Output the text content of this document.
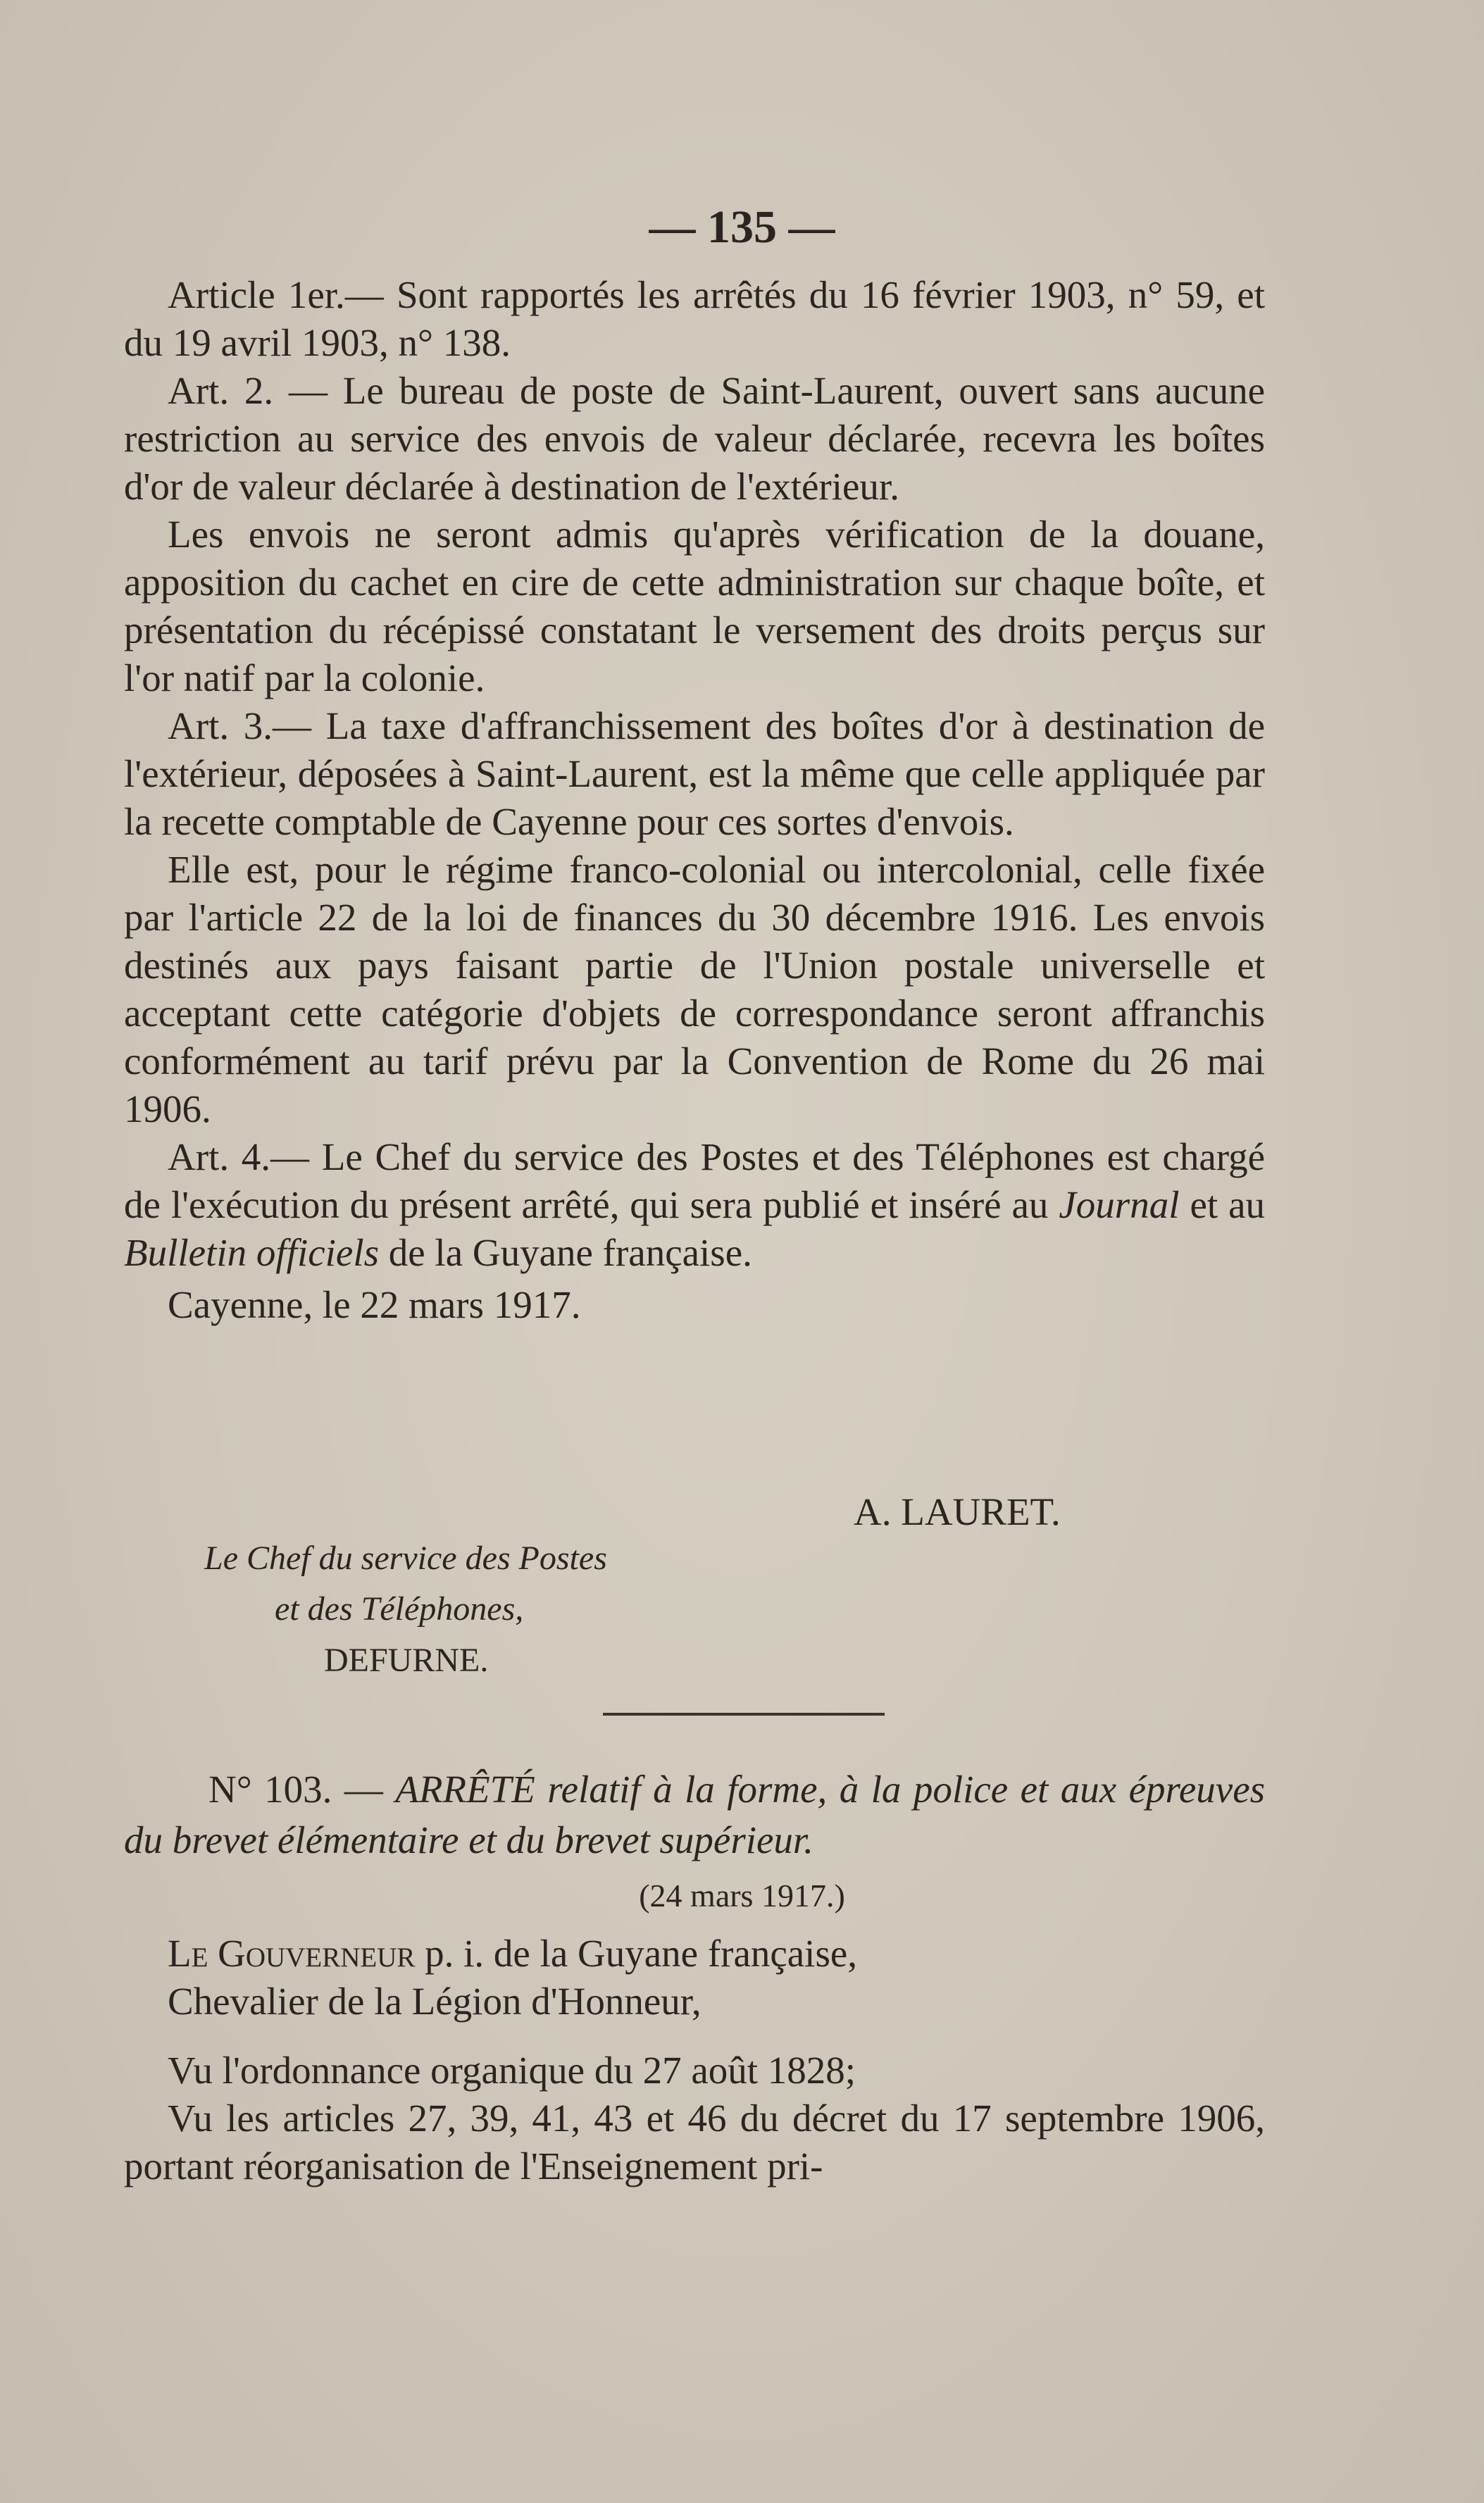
— 135 —

Article 1er.— Sont rapportés les arrêtés du 16 février 1903, n° 59, et du 19 avril 1903, n° 138.

Art. 2. — Le bureau de poste de Saint-Laurent, ouvert sans aucune restriction au service des envois de valeur déclarée, recevra les boîtes d'or de valeur déclarée à destination de l'extérieur.

Les envois ne seront admis qu'après vérification de la douane, apposition du cachet en cire de cette administration sur chaque boîte, et présentation du récépissé constatant le versement des droits perçus sur l'or natif par la colonie.

Art. 3.— La taxe d'affranchissement des boîtes d'or à destination de l'extérieur, déposées à Saint-Laurent, est la même que celle appliquée par la recette comptable de Cayenne pour ces sortes d'envois.

Elle est, pour le régime franco-colonial ou intercolonial, celle fixée par l'article 22 de la loi de finances du 30 décembre 1916. Les envois destinés aux pays faisant partie de l'Union postale universelle et acceptant cette catégorie d'objets de correspondance seront affranchis conformément au tarif prévu par la Convention de Rome du 26 mai 1906.

Art. 4.— Le Chef du service des Postes et des Téléphones est chargé de l'exécution du présent arrêté, qui sera publié et inséré au Journal et au Bulletin officiels de la Guyane française.

Cayenne, le 22 mars 1917.

A. LAURET.
Le Chef du service des Postes
et des Téléphones,
DEFURNE.
N° 103. — ARRÊTÉ relatif à la forme, à la police et aux épreuves du brevet élémentaire et du brevet supérieur.
(24 mars 1917.)

Le Gouverneur p. i. de la Guyane française,

Chevalier de la Légion d'Honneur,

Vu l'ordonnance organique du 27 août 1828;

Vu les articles 27, 39, 41, 43 et 46 du décret du 17 septembre 1906, portant réorganisation de l'Enseignement pri-
